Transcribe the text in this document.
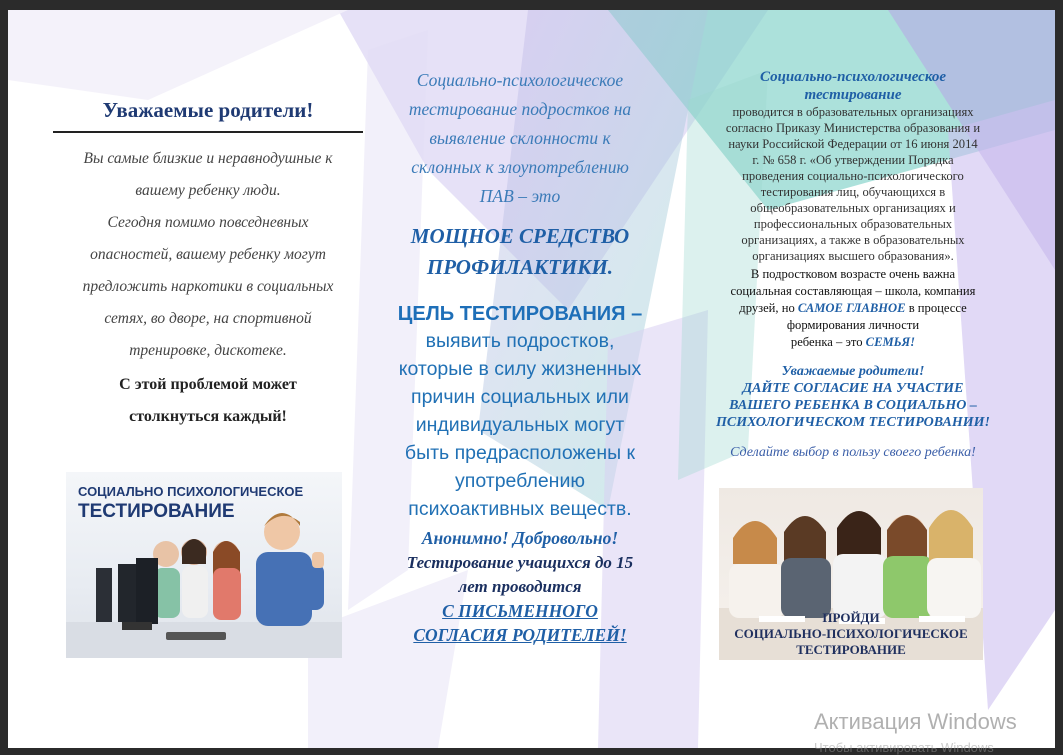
Уважаемые родители!
Вы самые близкие и неравнодушные к
вашему ребенку люди.
Сегодня помимо повседневных
опасностей, вашему ребенку могут
предложить наркотики в социальных
сетях, во дворе, на спортивной
тренировке, дискотеке.
С этой проблемой может
столкнуться каждый!
СОЦИАЛЬНО ПСИХОЛОГИЧЕСКОЕ
ТЕСТИРОВАНИЕ
Социально-психологическое
тестирование подростков на
выявление склонности к
склонных к злоупотреблению
ПАВ – это
МОЩНОЕ СРЕДСТВО
ПРОФИЛАКТИКИ.
ЦЕЛЬ ТЕСТИРОВАНИЯ –
выявить подростков,
которые в силу жизненных
причин социальных или
индивидуальных могут
быть предрасположены к
употреблению
психоактивных веществ.
Анонимно! Добровольно!
Тестирование учащихся до 15
лет проводится
С ПИСЬМЕННОГО
СОГЛАСИЯ РОДИТЕЛЕЙ!
Социально-психологическое
тестирование
проводится в образовательных организациях
согласно Приказу Министерства образования и
науки Российской Федерации от 16 июня 2014
г. № 658 г. «Об утверждении Порядка
проведения социально-психологического
тестирования лиц, обучающихся в
общеобразовательных организациях и
профессиональных образовательных
организациях, а также в образовательных
организациях высшего образования».
В подростковом возрасте очень важна
социальная составляющая – школа, компания
друзей, но САМОЕ ГЛАВНОЕ в процессе
формирования личности
ребенка – это СЕМЬЯ!
Уважаемые родители!
ДАЙТЕ СОГЛАСИЕ НА УЧАСТИЕ
ВАШЕГО РЕБЕНКА В СОЦИАЛЬНО –
ПСИХОЛОГИЧЕСКОМ ТЕСТИРОВАНИИ!
Сделайте выбор в пользу своего ребенка!
ПРОЙДИ
СОЦИАЛЬНО-ПСИХОЛОГИЧЕСКОЕ
ТЕСТИРОВАНИЕ
Активация Windows
Чтобы активировать Windows
